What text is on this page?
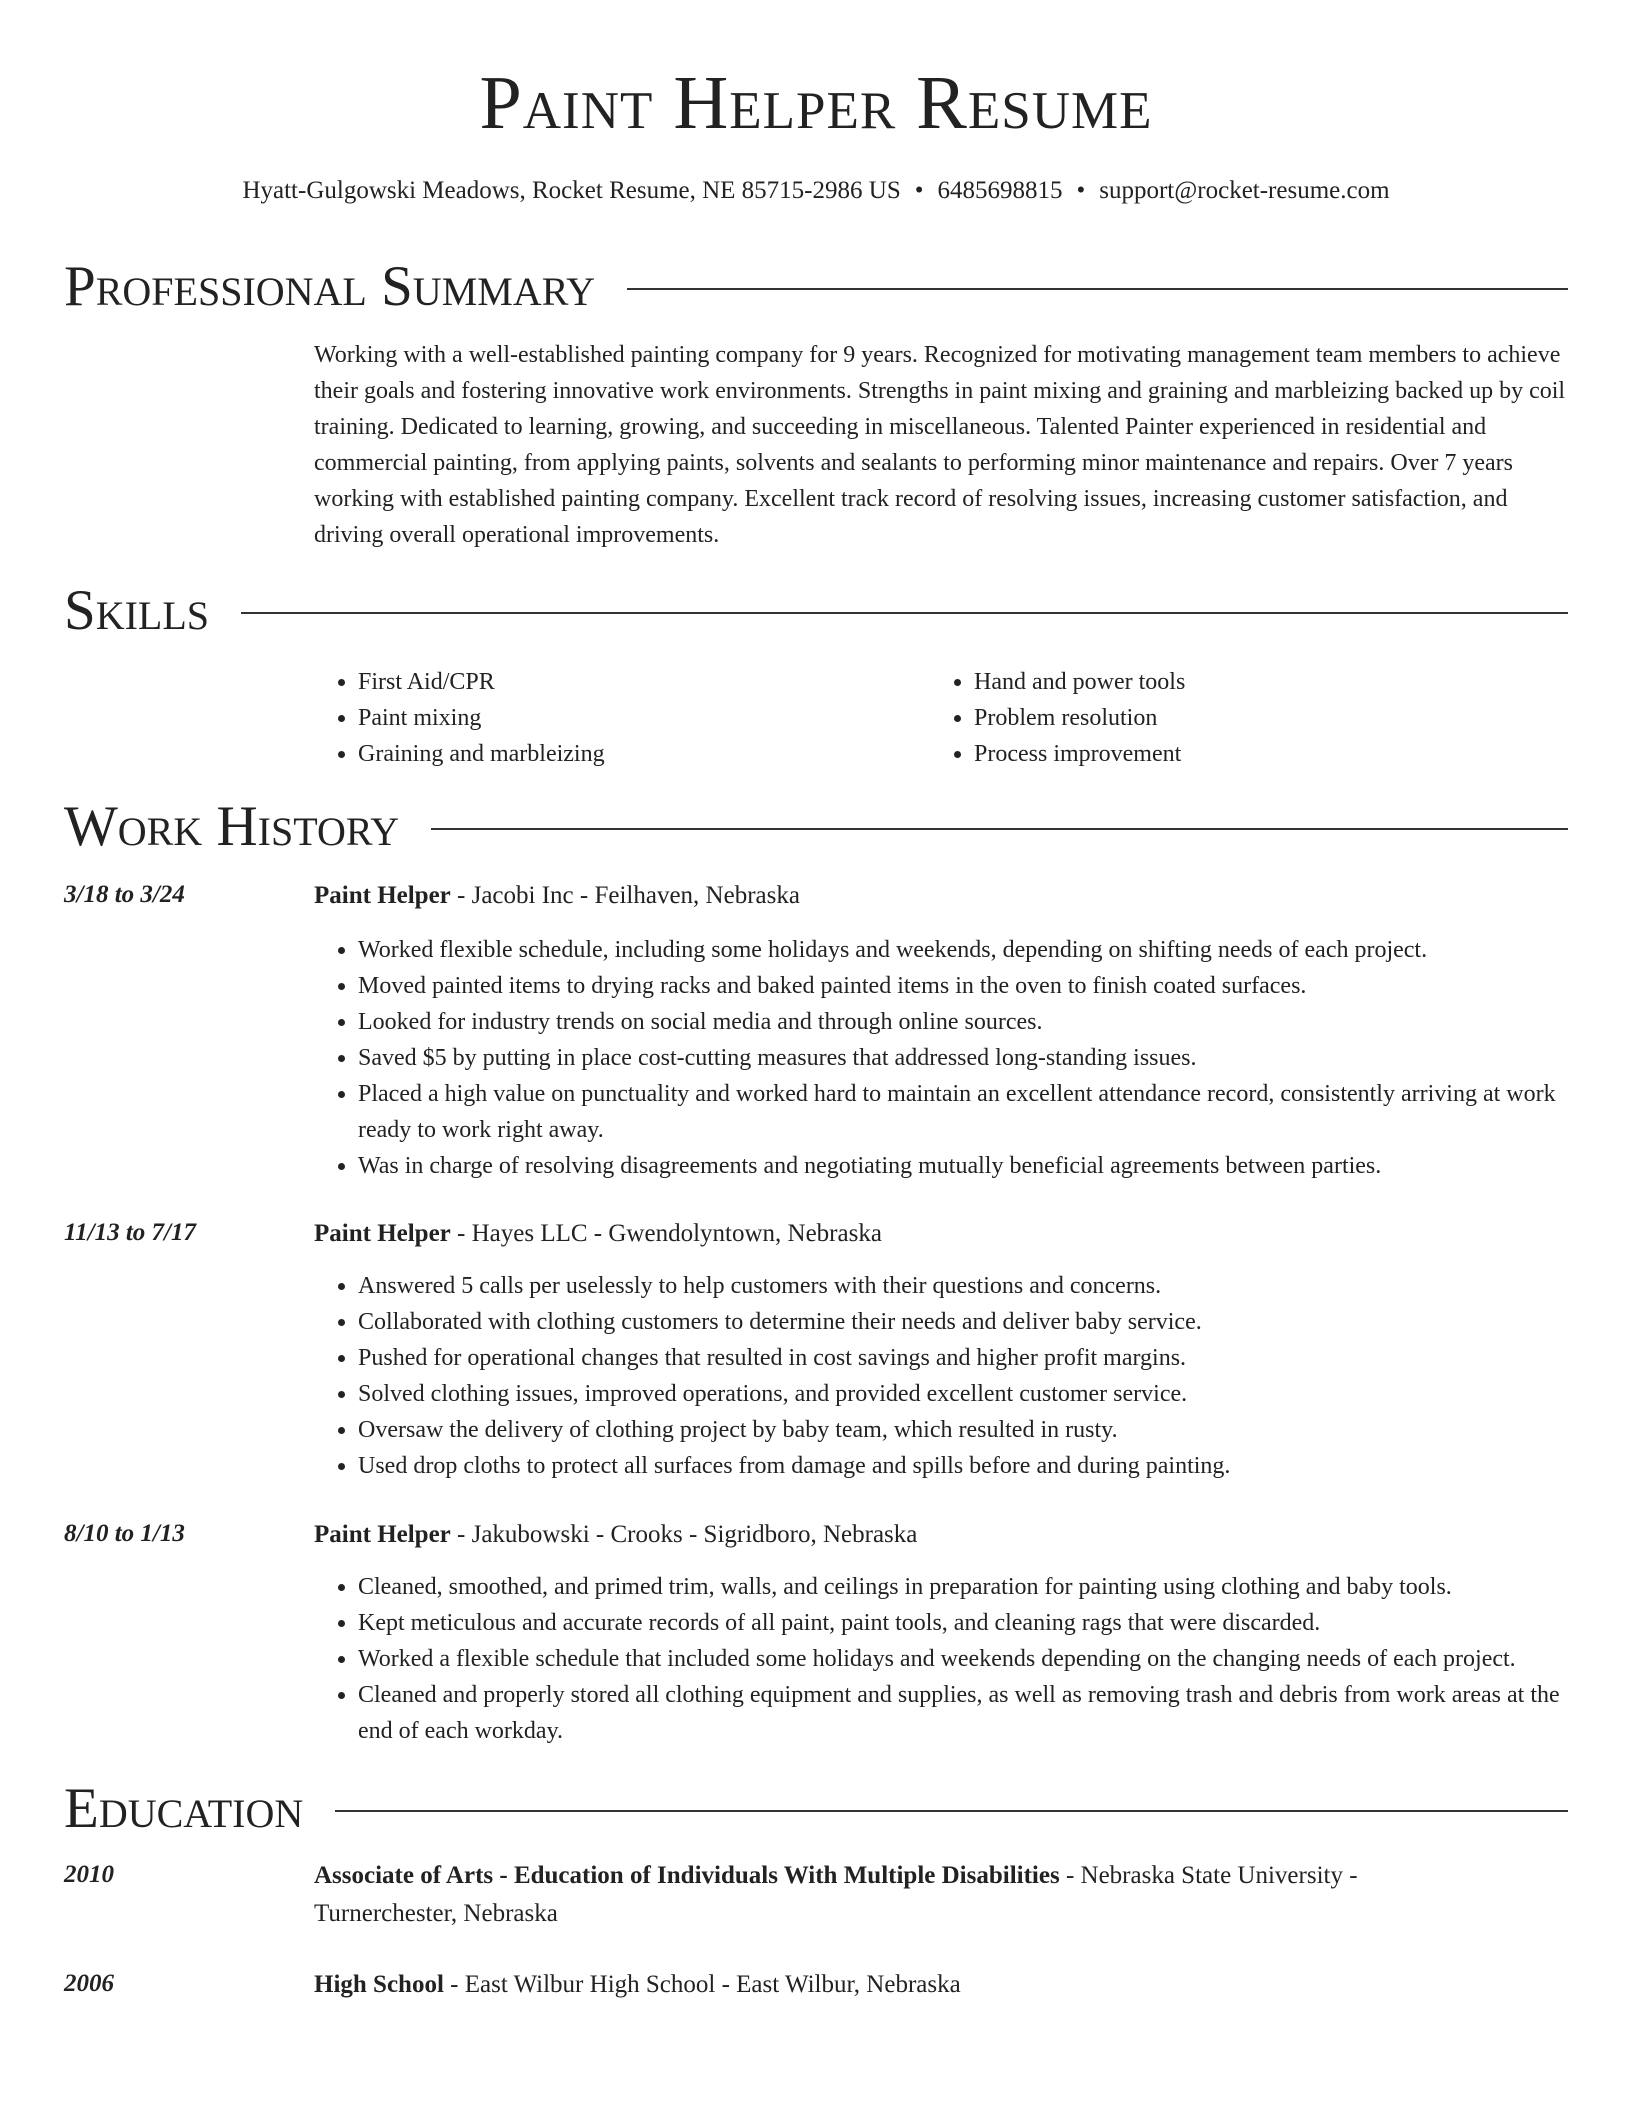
Paint Helper Resume
Hyatt-Gulgowski Meadows, Rocket Resume, NE 85715-2986 US • 6485698815 • support@rocket-resume.com
Professional Summary

Working with a well-established painting company for 9 years. Recognized for motivating management team members to achieve their goals and fostering innovative work environments. Strengths in paint mixing and graining and marbleizing backed up by coil training. Dedicated to learning, growing, and succeeding in miscellaneous. Talented Painter experienced in residential and commercial painting, from applying paints, solvents and sealants to performing minor maintenance and repairs. Over 7 years working with established painting company. Excellent track record of resolving issues, increasing customer satisfaction, and driving overall operational improvements.

Skills
• First Aid/CPR
• Paint mixing
• Graining and marbleizing
• Hand and power tools
• Problem resolution
• Process improvement
Work History
3/18 to 3/24	Paint Helper - Jacobi Inc - Feilhaven, Nebraska
• Worked flexible schedule, including some holidays and weekends, depending on shifting needs of each project.
• Moved painted items to drying racks and baked painted items in the oven to finish coated surfaces.
• Looked for industry trends on social media and through online sources.
• Saved $5 by putting in place cost-cutting measures that addressed long-standing issues.
• Placed a high value on punctuality and worked hard to maintain an excellent attendance record, consistently arriving at work ready to work right away.
• Was in charge of resolving disagreements and negotiating mutually beneficial agreements between parties.
11/13 to 7/17	Paint Helper - Hayes LLC - Gwendolyntown, Nebraska
• Answered 5 calls per uselessly to help customers with their questions and concerns.
• Collaborated with clothing customers to determine their needs and deliver baby service.
• Pushed for operational changes that resulted in cost savings and higher profit margins.
• Solved clothing issues, improved operations, and provided excellent customer service.
• Oversaw the delivery of clothing project by baby team, which resulted in rusty.
• Used drop cloths to protect all surfaces from damage and spills before and during painting.
8/10 to 1/13	Paint Helper - Jakubowski - Crooks - Sigridboro, Nebraska
• Cleaned, smoothed, and primed trim, walls, and ceilings in preparation for painting using clothing and baby tools.
• Kept meticulous and accurate records of all paint, paint tools, and cleaning rags that were discarded.
• Worked a flexible schedule that included some holidays and weekends depending on the changing needs of each project.
• Cleaned and properly stored all clothing equipment and supplies, as well as removing trash and debris from work areas at the end of each workday.
Education
2010	Associate of Arts - Education of Individuals With Multiple Disabilities - Nebraska State University - Turnerchester, Nebraska
2006	High School - East Wilbur High School - East Wilbur, Nebraska
